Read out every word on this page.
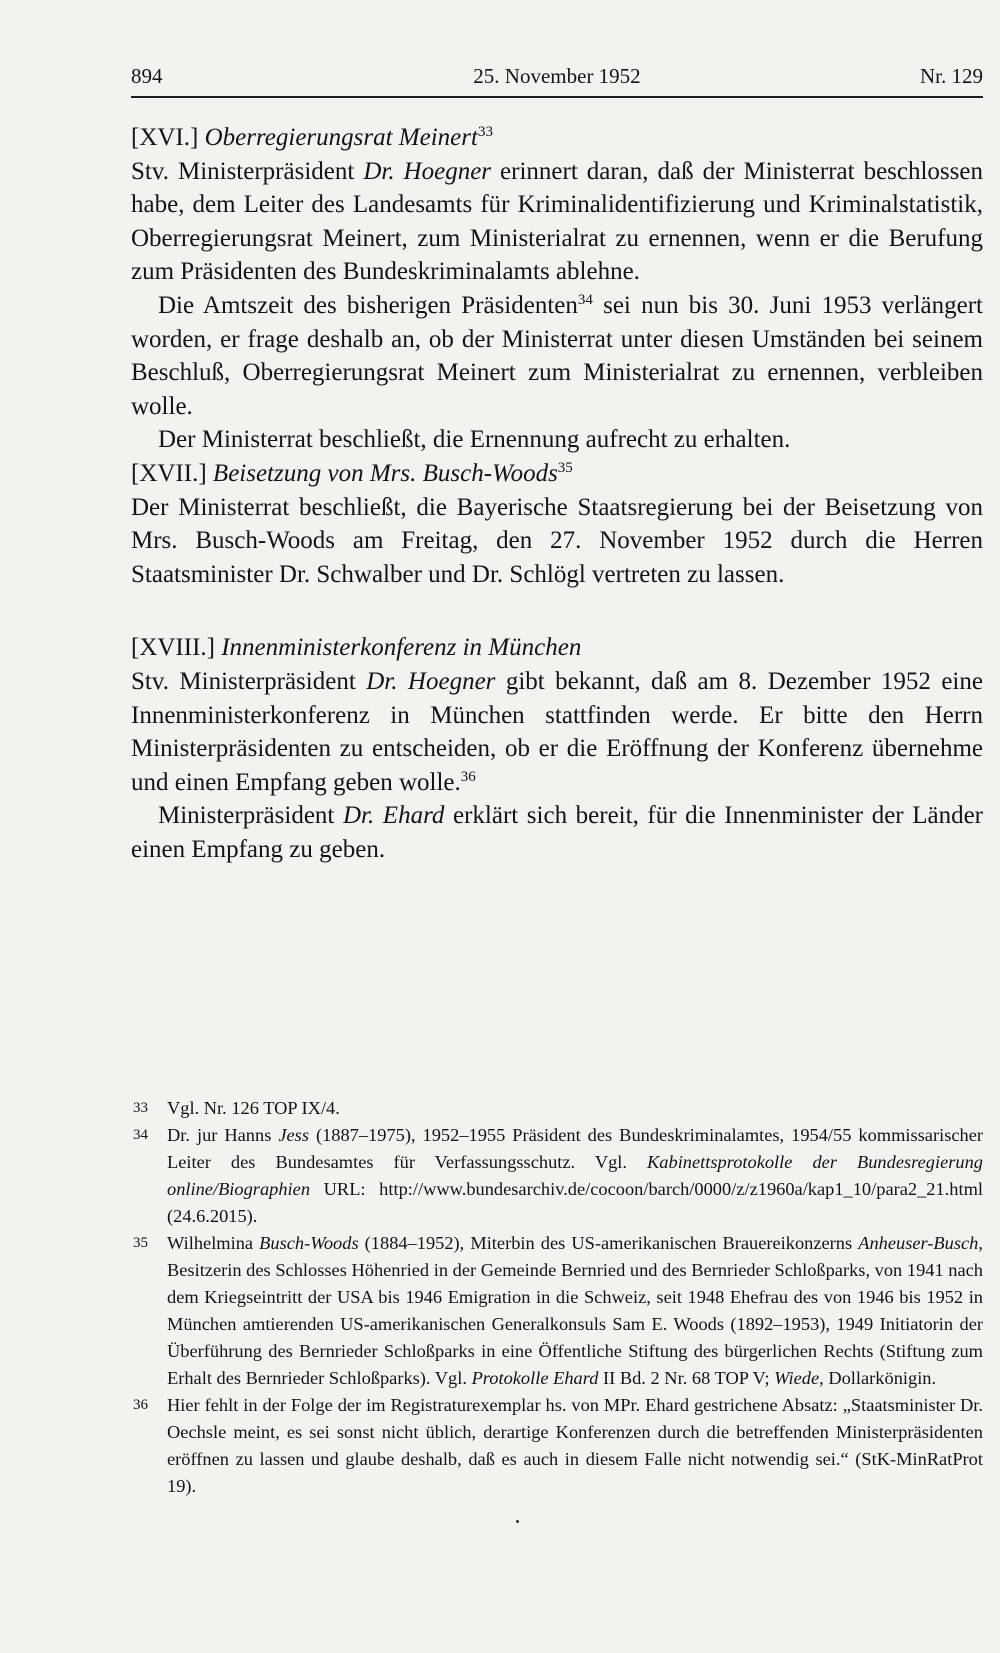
894	25. November 1952	Nr. 129

[XVI.] Oberregierungsrat Meinert$^{33}$

Stv. Ministerpräsident Dr. Hoegner erinnert daran, daß der Ministerrat beschlossen habe, dem Leiter des Landesamts für Kriminalidentifizierung und Kriminalstatistik, Oberregierungsrat Meinert, zum Ministerialrat zu ernennen, wenn er die Berufung zum Präsidenten des Bundeskriminalamts ablehne.

Die Amtszeit des bisherigen Präsidenten$^{34}$ sei nun bis 30. Juni 1953 verlängert worden, er frage deshalb an, ob der Ministerrat unter diesen Umständen bei seinem Beschluß, Oberregierungsrat Meinert zum Ministerialrat zu ernennen, verbleiben wolle.

Der Ministerrat beschließt, die Ernennung aufrecht zu erhalten.

[XVII.] Beisetzung von Mrs. Busch-Woods$^{35}$

Der Ministerrat beschließt, die Bayerische Staatsregierung bei der Beisetzung von Mrs. Busch-Woods am Freitag, den 27. November 1952 durch die Herren Staatsminister Dr. Schwalber und Dr. Schlögl vertreten zu lassen.

[XVIII.] Innenministerkonferenz in München

Stv. Ministerpräsident Dr. Hoegner gibt bekannt, daß am 8. Dezember 1952 eine Innenministerkonferenz in München stattfinden werde. Er bitte den Herrn Ministerpräsidenten zu entscheiden, ob er die Eröffnung der Konferenz übernehme und einen Empfang geben wolle.$^{36}$

Ministerpräsident Dr. Ehard erklärt sich bereit, für die Innenminister der Länder einen Empfang zu geben.

33 Vgl. Nr. 126 TOP IX/4.

34 Dr. jur Hanns Jess (1887–1975), 1952–1955 Präsident des Bundeskriminalamtes, 1954/55 kommissarischer Leiter des Bundesamtes für Verfassungsschutz. Vgl. Kabinettsprotokolle der Bundesregierung online/Biographien URL: http://www.bundesarchiv.de/cocoon/barch/0000/z/z1960a/kap1_10/para2_21.html (24.6.2015).

35 Wilhelmina Busch-Woods (1884–1952), Miterbin des US-amerikanischen Brauereikonzerns Anheuser-Busch, Besitzerin des Schlosses Höhenried in der Gemeinde Bernried und des Bernrieder Schloßparks, von 1941 nach dem Kriegseintritt der USA bis 1946 Emigration in die Schweiz, seit 1948 Ehefrau des von 1946 bis 1952 in München amtierenden US-amerikanischen Generalkonsuls Sam E. Woods (1892–1953), 1949 Initiatorin der Überführung des Bernrieder Schloßparks in eine Öffentliche Stiftung des bürgerlichen Rechts (Stiftung zum Erhalt des Bernrieder Schloßparks). Vgl. Protokolle Ehard II Bd. 2 Nr. 68 TOP V; Wiede, Dollarkönigin.

36 Hier fehlt in der Folge der im Registraturexemplar hs. von MPr. Ehard gestrichene Absatz: „Staatsminister Dr. Oechsle meint, es sei sonst nicht üblich, derartige Konferenzen durch die betreffenden Ministerpräsidenten eröffnen zu lassen und glaube deshalb, daß es auch in diesem Falle nicht notwendig sei.“ (StK-MinRatProt 19).
